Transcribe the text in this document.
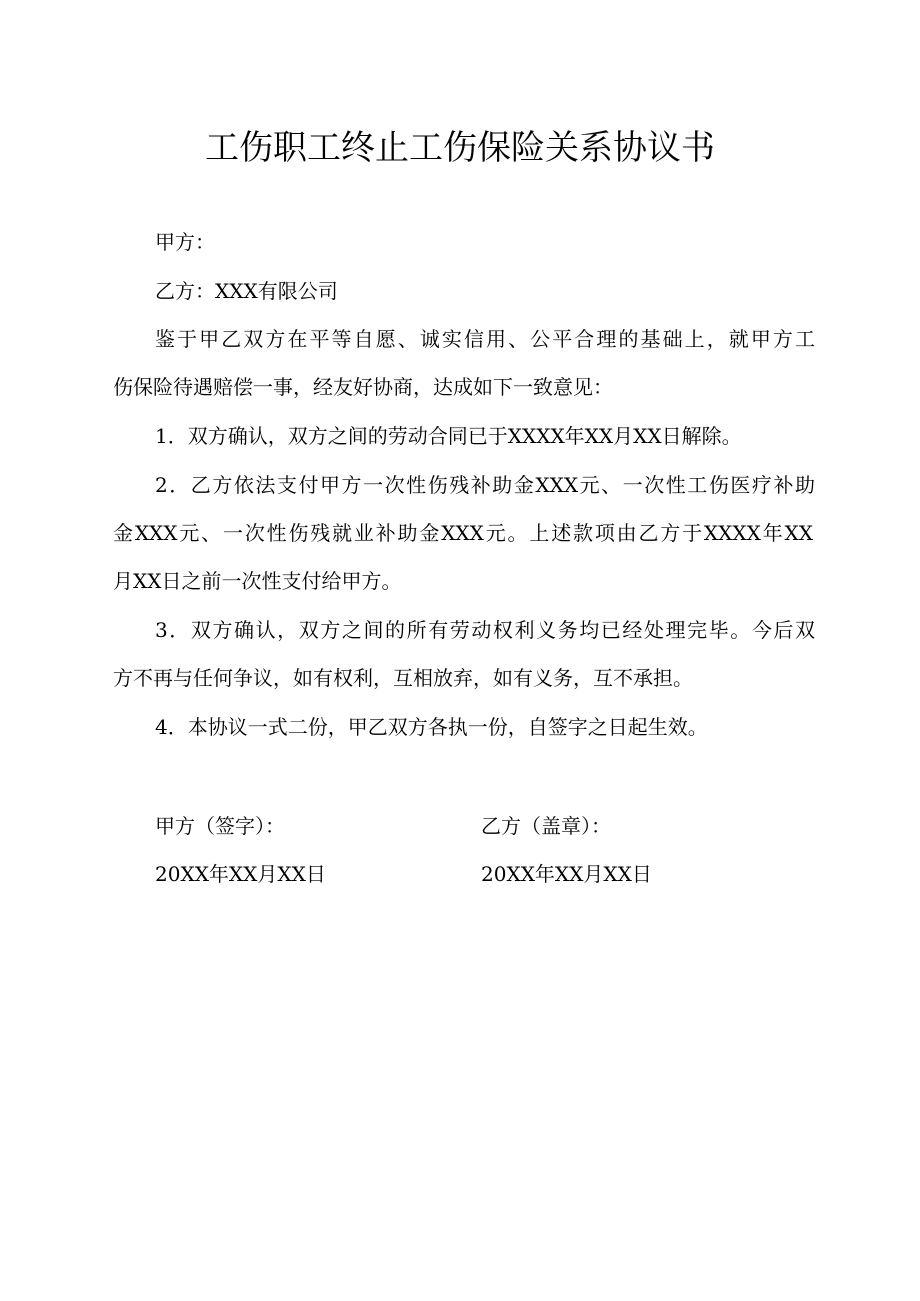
工伤职工终止工伤保险关系协议书
甲方：
乙方：XXX有限公司
鉴于甲乙双方在平等自愿、诚实信用、公平合理的基础上，就甲方工
伤保险待遇赔偿一事，经友好协商，达成如下一致意见：
1．双方确认，双方之间的劳动合同已于XXXX年XX月XX日解除。
2．乙方依法支付甲方一次性伤残补助金XXX元、一次性工伤医疗补助
金XXX元、一次性伤残就业补助金XXX元。上述款项由乙方于XXXX年XX
月XX日之前一次性支付给甲方。
3．双方确认，双方之间的所有劳动权利义务均已经处理完毕。今后双
方不再与任何争议，如有权利，互相放弃，如有义务，互不承担。
4．本协议一式二份，甲乙双方各执一份，自签字之日起生效。
甲方（签字）：
20XX年XX月XX日
乙方（盖章）：
20XX年XX月XX日
